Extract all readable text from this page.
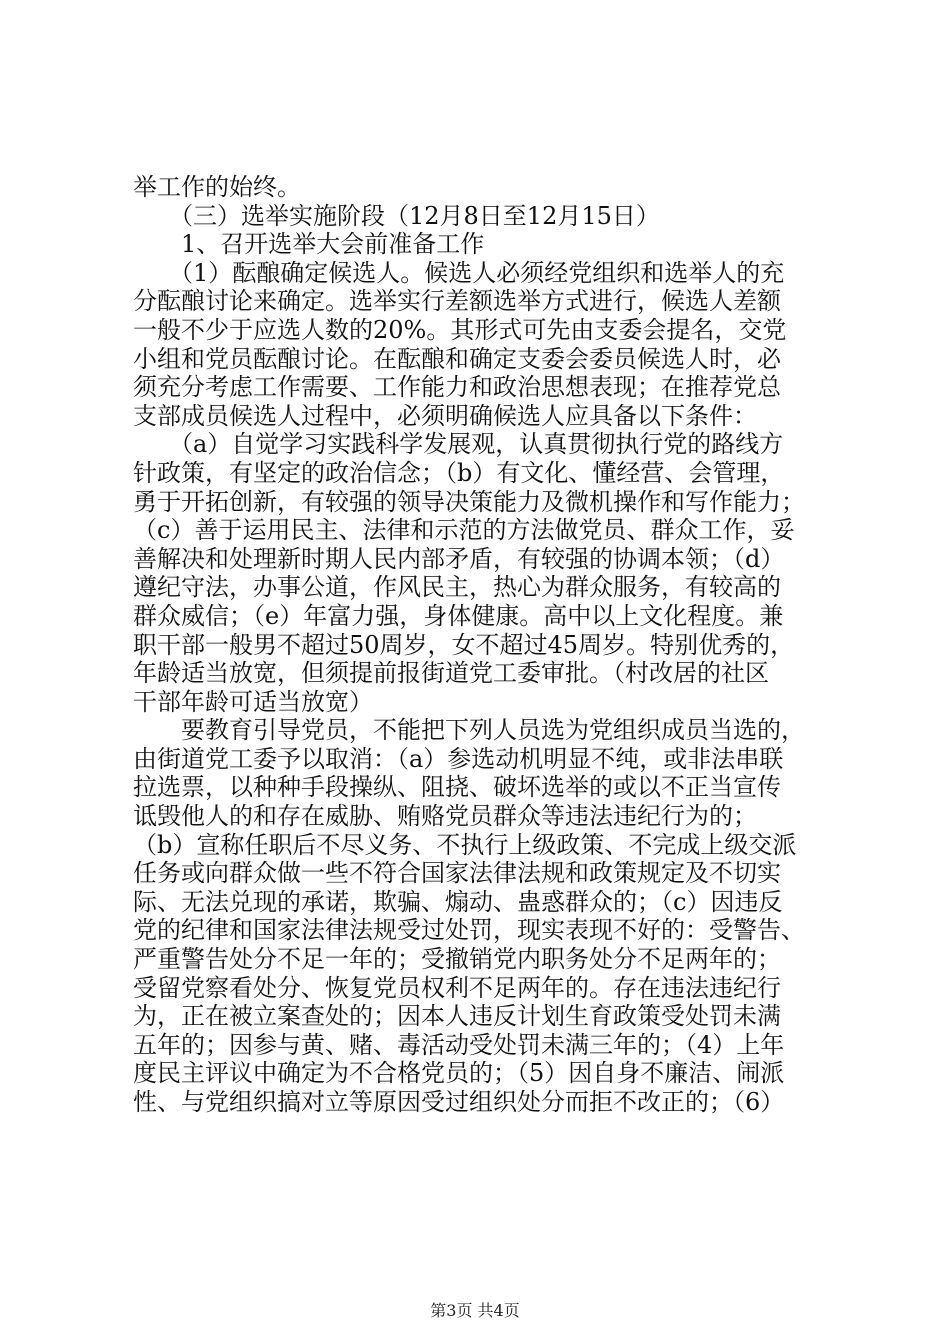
举工作的始终。
　　（三）选举实施阶段（12月8日至12月15日）
　　1、召开选举大会前准备工作
　　（1）酝酿确定候选人。候选人必须经党组织和选举人的充
分酝酿讨论来确定。选举实行差额选举方式进行，候选人差额
一般不少于应选人数的20%。其形式可先由支委会提名，交党
小组和党员酝酿讨论。在酝酿和确定支委会委员候选人时，必
须充分考虑工作需要、工作能力和政治思想表现；在推荐党总
支部成员候选人过程中，必须明确候选人应具备以下条件：
　　（a）自觉学习实践科学发展观，认真贯彻执行党的路线方
针政策，有坚定的政治信念；（b）有文化、懂经营、会管理，
勇于开拓创新，有较强的领导决策能力及微机操作和写作能力；
（c）善于运用民主、法律和示范的方法做党员、群众工作，妥
善解决和处理新时期人民内部矛盾，有较强的协调本领；（d）
遵纪守法，办事公道，作风民主，热心为群众服务，有较高的
群众威信；（e）年富力强，身体健康。高中以上文化程度。兼
职干部一般男不超过50周岁，女不超过45周岁。特别优秀的，
年龄适当放宽，但须提前报街道党工委审批。（村改居的社区
干部年龄可适当放宽）
　　要教育引导党员，不能把下列人员选为党组织成员当选的，
由街道党工委予以取消：（a）参选动机明显不纯，或非法串联
拉选票，以种种手段操纵、阻挠、破坏选举的或以不正当宣传
诋毁他人的和存在威胁、贿赂党员群众等违法违纪行为的；
（b）宣称任职后不尽义务、不执行上级政策、不完成上级交派
任务或向群众做一些不符合国家法律法规和政策规定及不切实
际、无法兑现的承诺，欺骗、煽动、蛊惑群众的；（c）因违反
党的纪律和国家法律法规受过处罚，现实表现不好的：受警告、
严重警告处分不足一年的；受撤销党内职务处分不足两年的；
受留党察看处分、恢复党员权利不足两年的。存在违法违纪行
为，正在被立案查处的；因本人违反计划生育政策受处罚未满
五年的；因参与黄、赌、毒活动受处罚未满三年的；（4）上年
度民主评议中确定为不合格党员的；（5）因自身不廉洁、闹派
性、与党组织搞对立等原因受过组织处分而拒不改正的；（6）
第3页 共4页
